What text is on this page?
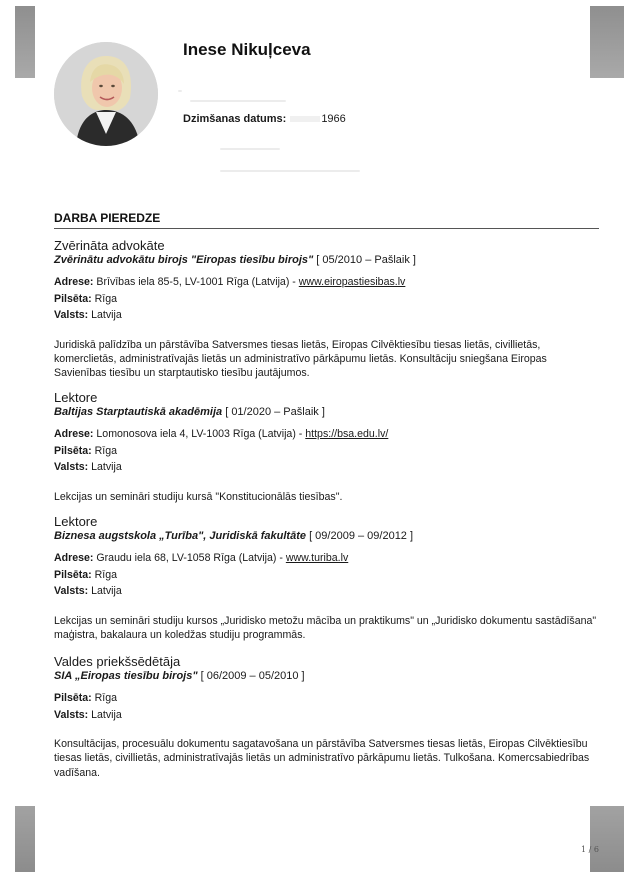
1 / 6
Inese Nikuļceva
Dzimšanas datums:	1966
DARBA PIEREDZE
Zvērināta advokāte
Zvērinātu advokātu birojs "Eiropas tiesību birojs" [ 05/2010 – Pašlaik ]
Adrese: Brīvības iela 85-5, LV-1001 Rīga (Latvija) - www.eiropastiesibas.lv
Pilsēta: Rīga
Valsts: Latvija
Juridiskā palīdzība un pārstāvība Satversmes tiesas lietās, Eiropas Cilvēktiesību tiesas lietās, civillietās, komerclietās, administratīvajās lietās un administratīvo pārkāpumu lietās. Konsultāciju sniegšana Eiropas Savienības tiesību un starptautisko tiesību jautājumos.
Lektore
Baltijas Starptautiskā akadēmija [ 01/2020 – Pašlaik ]
Adrese: Lomonosova iela 4, LV-1003 Rīga (Latvija) - https://bsa.edu.lv/
Pilsēta: Rīga
Valsts: Latvija
Lekcijas un semināri studiju kursā "Konstitucionālās tiesības".
Lektore
Biznesa augstskola „Turība", Juridiskā fakultāte [ 09/2009 – 09/2012 ]
Adrese: Graudu iela 68, LV-1058 Rīga (Latvija) - www.turiba.lv
Pilsēta: Rīga
Valsts: Latvija
Lekcijas un semināri studiju kursos „Juridisko metožu mācība un praktikums" un „Juridisko dokumentu sastādīšana" maģistra, bakalaura un koledžas studiju programmās.
Valdes priekšsēdētāja
SIA „Eiropas tiesību birojs" [ 06/2009 – 05/2010 ]
Pilsēta: Rīga
Valsts: Latvija
Konsultācijas, procesuālu dokumentu sagatavošana un pārstāvība Satversmes tiesas lietās, Eiropas Cilvēktiesību tiesas lietās, civillietās, administratīvajās lietās un administratīvo pārkāpumu lietās. Tulkošana. Komercsabiedrības vadīšana.
